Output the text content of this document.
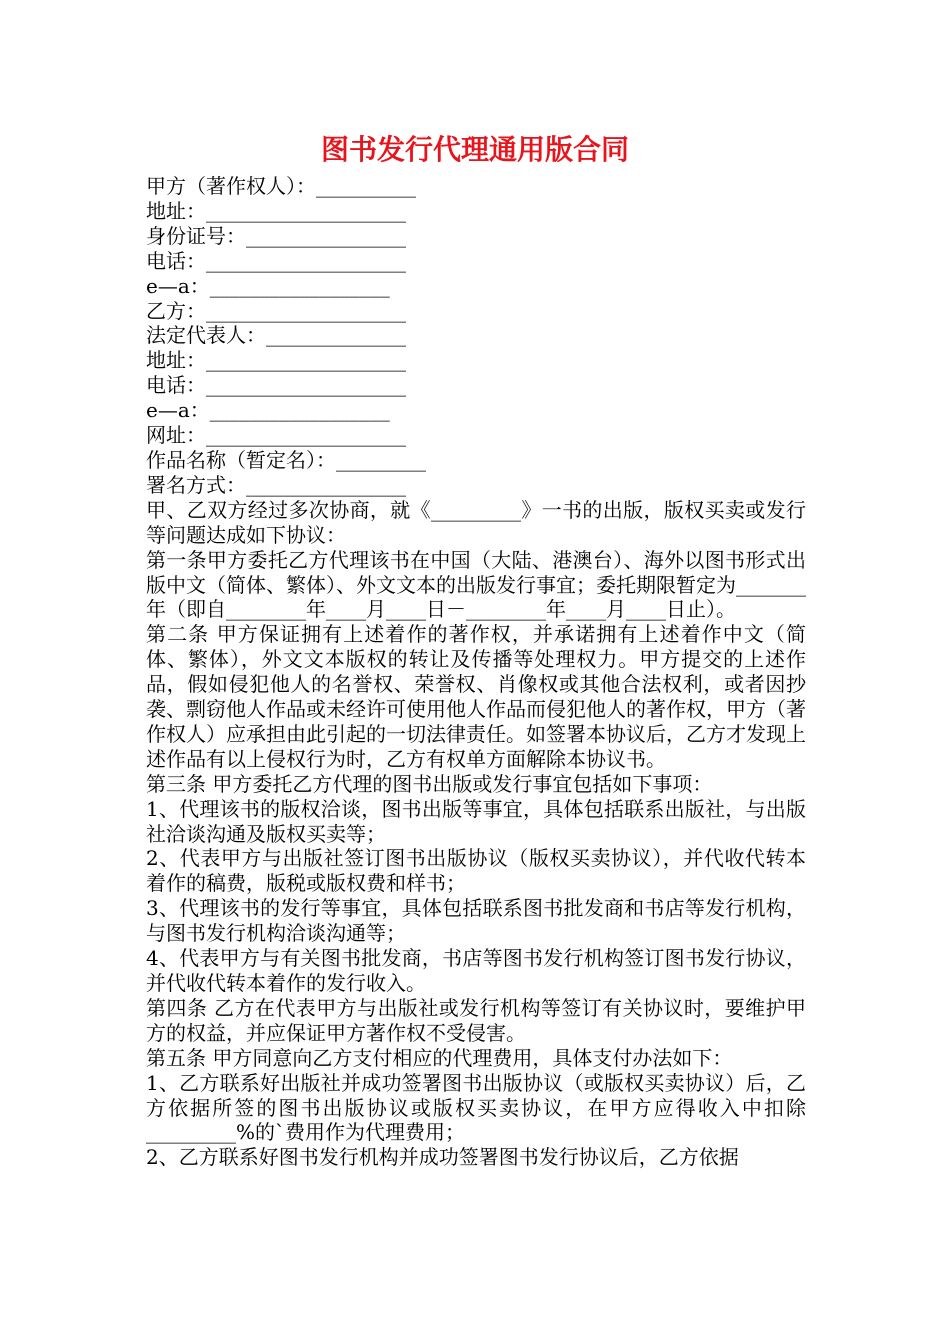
图书发行代理通用版合同

甲方（著作权人）：__________

地址：____________________

身份证号：________________

电话：____________________

e—a：__________________

乙方：____________________

法定代表人：______________

地址：____________________

电话：____________________

e—a：__________________

网址：____________________

作品名称（暂定名）：_________

署名方式：________________

甲、乙双方经过多次协商，就《_________》一书的出版，版权买卖或发行等问题达成如下协议：

第一条甲方委托乙方代理该书在中国（大陆、港澳台）、海外以图书形式出版中文（简体、繁体）、外文文本的出版发行事宜；委托期限暂定为_______年（即自________年____月____日－________年____月____日止）。

第二条 甲方保证拥有上述着作的著作权，并承诺拥有上述着作中文（简体、繁体），外文文本版权的转让及传播等处理权力。甲方提交的上述作品，假如侵犯他人的名誉权、荣誉权、肖像权或其他合法权利，或者因抄袭、剽窃他人作品或未经许可使用他人作品而侵犯他人的著作权，甲方（著作权人）应承担由此引起的一切法律责任。如签署本协议后，乙方才发现上述作品有以上侵权行为时，乙方有权单方面解除本协议书。

第三条 甲方委托乙方代理的图书出版或发行事宜包括如下事项：

1、代理该书的版权洽谈，图书出版等事宜，具体包括联系出版社，与出版社洽谈沟通及版权买卖等；

2、代表甲方与出版社签订图书出版协议（版权买卖协议），并代收代转本着作的稿费，版税或版权费和样书；

3、代理该书的发行等事宜，具体包括联系图书批发商和书店等发行机构，与图书发行机构洽谈沟通等；

4、代表甲方与有关图书批发商，书店等图书发行机构签订图书发行协议，并代收代转本着作的发行收入。

第四条 乙方在代表甲方与出版社或发行机构等签订有关协议时，要维护甲方的权益，并应保证甲方著作权不受侵害。

第五条 甲方同意向乙方支付相应的代理费用，具体支付办法如下：

1、乙方联系好出版社并成功签署图书出版协议（或版权买卖协议）后，乙方依据所签的图书出版协议或版权买卖协议，在甲方应得收入中扣除_________%的`费用作为代理费用；

2、乙方联系好图书发行机构并成功签署图书发行协议后，乙方依据
